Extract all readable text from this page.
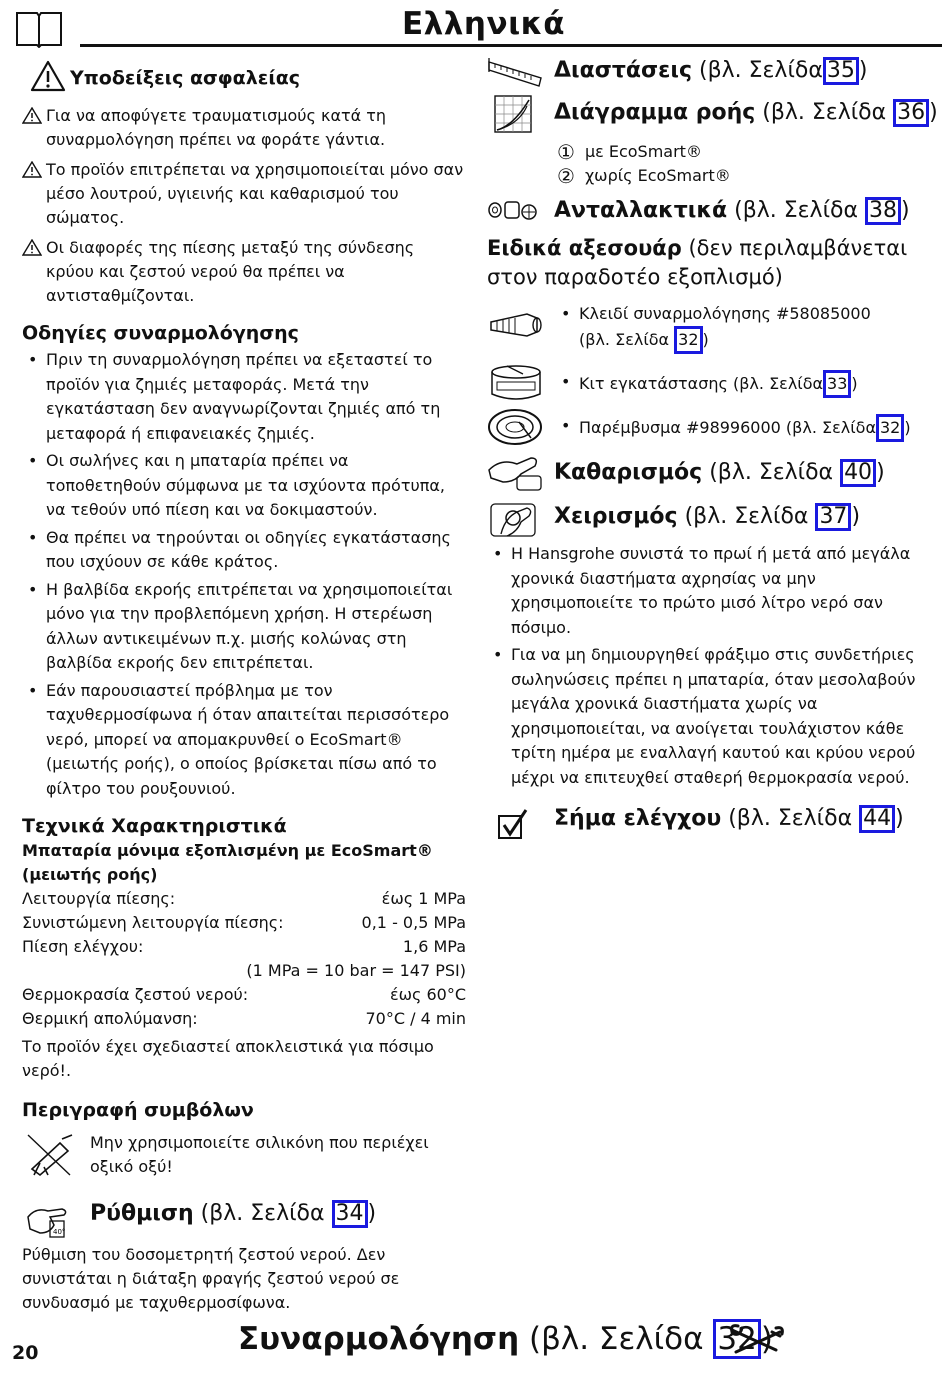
Ελληνικά
Υποδείξεις ασφαλείας
Για να αποφύγετε τραυματισμούς κατά τη συναρμολόγηση πρέπει να φοράτε γάντια.
Το προϊόν επιτρέπεται να χρησιμοποιείται μόνο σαν μέσο λουτρού, υγιεινής και καθαρισμού του σώματος.
Οι διαφορές της πίεσης μεταξύ της σύνδεσης κρύου και ζεστού νερού θα πρέπει να αντισταθμίζονται.
Οδηγίες συναρμολόγησης
• Πριν τη συναρμολόγηση πρέπει να εξεταστεί το προϊόν για ζημιές μεταφοράς. Μετά την εγκατάσταση δεν αναγνωρίζονται ζημιές από τη μεταφορά ή επιφανειακές ζημιές.
• Οι σωλήνες και η μπαταρία πρέπει να τοποθετηθούν σύμφωνα με τα ισχύοντα πρότυπα, να τεθούν υπό πίεση και να δοκιμαστούν.
• Θα πρέπει να τηρούνται οι οδηγίες εγκατάστασης που ισχύουν σε κάθε κράτος.
• Η βαλβίδα εκροής επιτρέπεται να χρησιμοποιείται μόνο για την προβλεπόμενη χρήση. Η στερέωση άλλων αντικειμένων π.χ. μισής κολώνας στη βαλβίδα εκροής δεν επιτρέπεται.
• Εάν παρουσιαστεί πρόβλημα με τον ταχυθερμοσίφωνα ή όταν απαιτείται περισσότερο νερό, μπορεί να απομακρυνθεί ο EcoSmart® (μειωτής ροής), ο οποίος βρίσκεται πίσω από το φίλτρο του ρουξουνιού.
Τεχνικά Χαρακτηριστικά
Μπαταρία μόνιμα εξοπλισμένη με EcoSmart® (μειωτής ροής)
Λειτουργία πίεσης:	έως 1 MPa
Συνιστώμενη λειτουργία πίεσης:	0,1 - 0,5 MPa
Πίεση ελέγχου:	1,6 MPa
(1 MPa = 10 bar = 147 PSI)
Θερμοκρασία ζεστού νερού:	έως 60°C
Θερμική απολύμανση:	70°C / 4 min

Το προϊόν έχει σχεδιαστεί αποκλειστικά για πόσιμο νερό!.

Περιγραφή συμβόλων

Μην χρησιμοποιείτε σιλικόνη που περιέχει οξικό οξύ!

40°
Ρύθμιση (βλ. Σελίδα 34 )

Ρύθμιση του δοσομετρητή ζεστού νερού. Δεν συνιστάται η διάταξη φραγής ζεστού νερού σε συνδυασμό με ταχυθερμοσίφωνα.

Διαστάσεις (βλ. Σελίδα 35 )
Διάγραμμα ροής (βλ. Σελίδα 36 )
① με EcoSmart®
② χωρίς EcoSmart®
Ανταλλακτικά (βλ. Σελίδα 38 )
Ειδικά αξεσουάρ (δεν περιλαμβάνεται στον παραδοτέο εξοπλισμό)
• Κλειδί συναρμολόγησης #58085000
(βλ. Σελίδα 32 )
• Κιτ εγκατάστασης (βλ. Σελίδα 33 )
• Παρέμβυσμα #98996000 (βλ. Σελίδα 32 )
Καθαρισμός (βλ. Σελίδα 40 )
Χειρισμός (βλ. Σελίδα 37 )
• Η Hansgrohe συνιστά το πρωί ή μετά από μεγάλα χρονικά διαστήματα αχρησίας να μην χρησιμοποιείτε το πρώτο μισό λίτρο νερό σαν πόσιμο.
• Για να μη δημιουργηθεί φράξιμο στις συνδετήριες σωληνώσεις πρέπει η μπαταρία, όταν μεσολαβούν μεγάλα χρονικά διαστήματα χωρίς να χρησιμοποιείται, να ανοίγεται τουλάχιστον κάθε τρίτη ημέρα με εναλλαγή καυτού και κρύου νερού μέχρι να επιτευχθεί σταθερή θερμοκρασία νερού.
Σήμα ελέγχου (βλ. Σελίδα 44 )
20	Συναρμολόγηση (βλ. Σελίδα 32 )
